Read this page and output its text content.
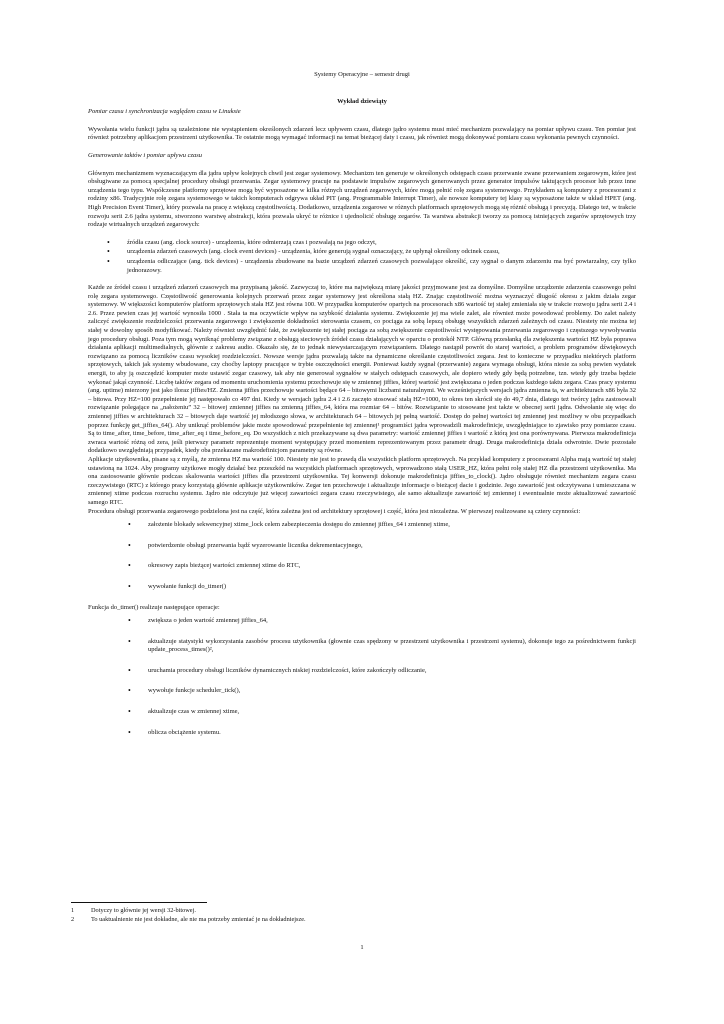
Systemy Operacyjne – semestr drugi
Wykład dziewiąty
Pomiar czasu i synchronizacja względem czasu w Linuksie

Wywołania wielu funkcji jądra są uzależnione nie wystąpieniem określonych zdarzeń lecz upływem czasu, dlatego jądro systemu musi mieć mechanizm pozwalający na pomiar upływu czasu. Ten pomiar jest również potrzebny aplikacjom przestrzeni użytkownika. Te ostatnie mogą wymagać informacji na temat bieżącej daty i czasu, jak również mogą dokonywać pomiaru czasu wykonania pewnych czynności.

Generowanie taktów i pomiar upływu czasu

Głównym mechanizmem wyznaczającym dla jądra upływ kolejnych chwil jest zegar systemowy. Mechanizm ten generuje w określonych odstępach czasu przerwanie zwane przerwaniem zegarowym, które jest obsługiwane za pomocą specjalnej procedury obsługi przerwania. Zegar systemowy pracuje na podstawie impulsów zegarowych generowanych przez generator impulsów taktujących procesor lub przez inne urządzenia tego typu. Współczesne platformy sprzętowe mogą być wyposażone w kilka różnych urządzeń zegarowych, które mogą pełnić rolę zegara systemowego. Przykładem są komputery z procesorami z rodziny x86. Tradycyjnie rolę zegara systemowego w takich komputerach odgrywa układ PIT (ang. Programmable Interrupt Timer), ale nowsze komputery tej klasy są wyposażone także w układ HPET (ang. High Precision Event Timer), który pozwala na pracę z większą częstotliwością. Dodatkowo, urządzenia zegarowe w różnych platformach sprzętowych mogą się różnić obsługą i precyzją. Dlatego też, w trakcie rozwoju serii 2.6 jądra systemu, stworzono warstwę abstrakcji, która pozwala ukryć te różnice i ujednolicić obsługę zegarów. Ta warstwa abstrakcji tworzy za pomocą istniejących zegarów sprzętowych trzy rodzaje wirtualnych urządzeń zegarowych:

• źródła czasu (ang. clock source) - urządzenia, które odmierzają czas i pozwalają na jego odczyt,
• urządzenia zdarzeń czasowych (ang. clock event devices) - urządzenia, które generują sygnał oznaczający, że upłynął określony odcinek czasu,
• urządzenia odliczające (ang. tick devices) - urządzenia zbudowane na bazie urządzeń zdarzeń czasowych pozwalające określić, czy sygnał o danym zdarzeniu ma być powtarzalny, czy tylko jednorazowy.

Każde ze źródeł czasu i urządzeń zdarzeń czasowych ma przypisaną jakość. Zazwyczaj to, które ma największą miarę jakości przyjmowane jest za domyślne. Domyślne urządzenie zdarzenia czasowego pełni rolę zegara systemowego. Częstotliwość generowania kolejnych przerwań przez zegar systemowy jest określona stałą HZ. Znając częstotliwość można wyznaczyć długość okresu z jakim działa zegar systemowy. W większości komputerów platform sprzętowych stała HZ jest równa 100. W przypadku komputerów opartych na procesorach x86 wartość tej stałej zmieniała się w trakcie rozwoju jądra serii 2.4 i 2.6. Przez pewien czas jej wartość wynosiła 1000 . Stała ta ma oczywiście wpływ na szybkość działania systemu. Zwiększenie jej ma wiele zalet, ale również może powodować problemy. Do zalet należy zaliczyć zwiększenie rozdzielczości przerwania zegarowego i zwiększenie dokładności sterowania czasem, co pociąga za sobą lepszą obsługę wszystkich zdarzeń zależnych od czasu. Niestety nie można tej stałej w dowolny sposób modyfikować. Należy również uwzględnić fakt, że zwiększenie tej stałej pociąga za sobą zwiększenie częstotliwości występowania przerwania zegarowego i częstszego wywoływania jego procedury obsługi. Poza tym mogą wyniknąć problemy związane z obsługą sieciowych źródeł czasu działających w oparciu o protokół NTP. Główną przesłanką dla zwiększenia wartości HZ była poprawa działania aplikacji multimedialnych, głównie z zakresu audio. Okazało się, że to jednak niewystarczającym rozwiązaniem. Dlatego nastąpił powrót do starej wartości, a problem programów dźwiękowych rozwiązano za pomocą liczników czasu wysokiej rozdzielczości. Nowsze wersje jądra pozwalają także na dynamiczne określanie częstotliwości zegara. Jest to konieczne w przypadku niektórych platform sprzętowych, takich jak systemy wbudowane, czy choćby laptopy pracujące w trybie oszczędności energii. Ponieważ każdy sygnał (przerwanie) zegara wymaga obsługi, która niesie za sobą pewien wydatek energii, to aby ją oszczędzić komputer może ustawić zegar czasowy, tak aby nie generował sygnałów w stałych odstępach czasowych, ale dopiero wtedy gdy będą potrzebne, tzn. wtedy gdy trzeba będzie wykonać jakąś czynność. Liczbę taktów zegara od momentu uruchomienia systemu przechowuje się w zmiennej jiffies, której wartość jest zwiększana o jeden podczas każdego taktu zegara. Czas pracy systemu (ang. uptime) mierzony jest jako iloraz jiffies/HZ. Zmienna jiffies przechowuje wartości będące 64 – bitowymi liczbami naturalnymi. We wcześniejszych wersjach jądra zmienna ta, w architekturach x86 była 32 – bitowa. Przy HZ=100 przepełnienie jej następowało co 497 dni. Kiedy w wersjach jądra 2.4 i 2.6 zaczęto stosować stałą HZ=1000, to okres ten skrócił się do 49,7 dnia, dlatego też twórcy jądra zastosowali rozwiązanie polegające na „nałożeniu” 32 – bitowej zmiennej jiffies na zmienną jiffies_64, która ma rozmiar 64 – bitów. Rozwiązanie to stosowane jest także w obecnej serii jądra. Odwołanie się więc do zmiennej jiffies w architekturach 32 – bitowych daje wartość jej młodszego słowa, w architekturach 64 – bitowych jej pełną wartość. Dostęp do pełnej wartości tej zmiennej jest możliwy w obu przypadkach poprzez funkcję get_jiffies_64(). Aby uniknąć problemów jakie może spowodować przepełnienie tej zmiennej¹ programiści jądra wprowadzili makrodefinicje, uwzględniające to zjawisko przy pomiarze czasu. Są to time_after, time_before, time_after_eq i time_before_eq. Do wszystkich z nich przekazywane są dwa parametry: wartość zmiennej jiffies i wartość z którą jest ona porównywana. Pierwsza makrodefinicja zwraca wartość różną od zera, jeśli pierwszy parametr reprezentuje moment występujący przed momentem reprezentowanym przez parametr drugi. Druga makrodefinicja działa odwrotnie. Dwie pozostałe dodatkowo uwzględniają przypadek, kiedy oba przekazane makrodefinicjom parametry są równe.

Aplikacje użytkownika, pisane są z myślą, że zmienna HZ ma wartość 100. Niestety nie jest to prawdą dla wszystkich platform sprzętowych. Na przykład komputery z procesorami Alpha mają wartość tej stałej ustawioną na 1024. Aby programy użytkowe mogły działać bez przeszkód na wszystkich platformach sprzętowych, wprowadzono stałą USER_HZ, która pełni rolę stałej HZ dla przestrzeni użytkownika. Ma ona zastosowanie głównie podczas skalowania wartości jiffies dla przestrzeni użytkownika. Tej konwersji dokonuje makrodefinicja jiffies_to_clock(). Jądro obsługuje również mechanizm zegara czasu rzeczywistego (RTC) z którego pracy korzystają głównie aplikacje użytkowników. Zegar ten przechowuje i aktualizuje informacje o bieżącej dacie i godzinie. Jego zawartość jest odczytywana i umieszczana w zmiennej xtime podczas rozruchu systemu. Jądro nie odczytuje już więcej zawartości zegara czasu rzeczywistego, ale samo aktualizuje zawartość tej zmiennej i ewentualnie może aktualizować zawartość samego RTC.

Procedura obsługi przerwania zegarowego podzielona jest na część, która zależna jest od architektury sprzętowej i część, która jest niezależna. W pierwszej realizowane są cztery czynności:

• założenie blokady sekwencyjnej xtime_lock celem zabezpieczenia dostępu do zmiennej jiffies_64 i zmiennej xtime,
• potwierdzenie obsługi przerwania bądź wyzerowanie licznika dekrementacyjnego,
• okresowy zapis bieżącej wartości zmiennej xtime do RTC,
• wywołanie funkcji do_timer()

Funkcja do_timer() realizuje następujące operacje:

• zwiększa o jeden wartość zmiennej jiffies_64,
• aktualizuje statystyki wykorzystania zasobów procesu użytkownika (głownie czas spędzony w przestrzeni użytkownika i przestrzeni systemu), dokonuje tego za pośrednictwem funkcji update_process_times()²,
• uruchamia procedury obsługi liczników dynamicznych niskiej rozdzielczości, które zakończyły odliczanie,
• wywołuje funkcje scheduler_tick(),
• aktualizuje czas w zmiennej xtime,
• oblicza obciążenie systemu.
1	Dotyczy to głównie jej wersji 32-bitowej.
2	To uaktualnienie nie jest dokładne, ale nie ma potrzeby zmieniać je na dokładniejsze.
1
